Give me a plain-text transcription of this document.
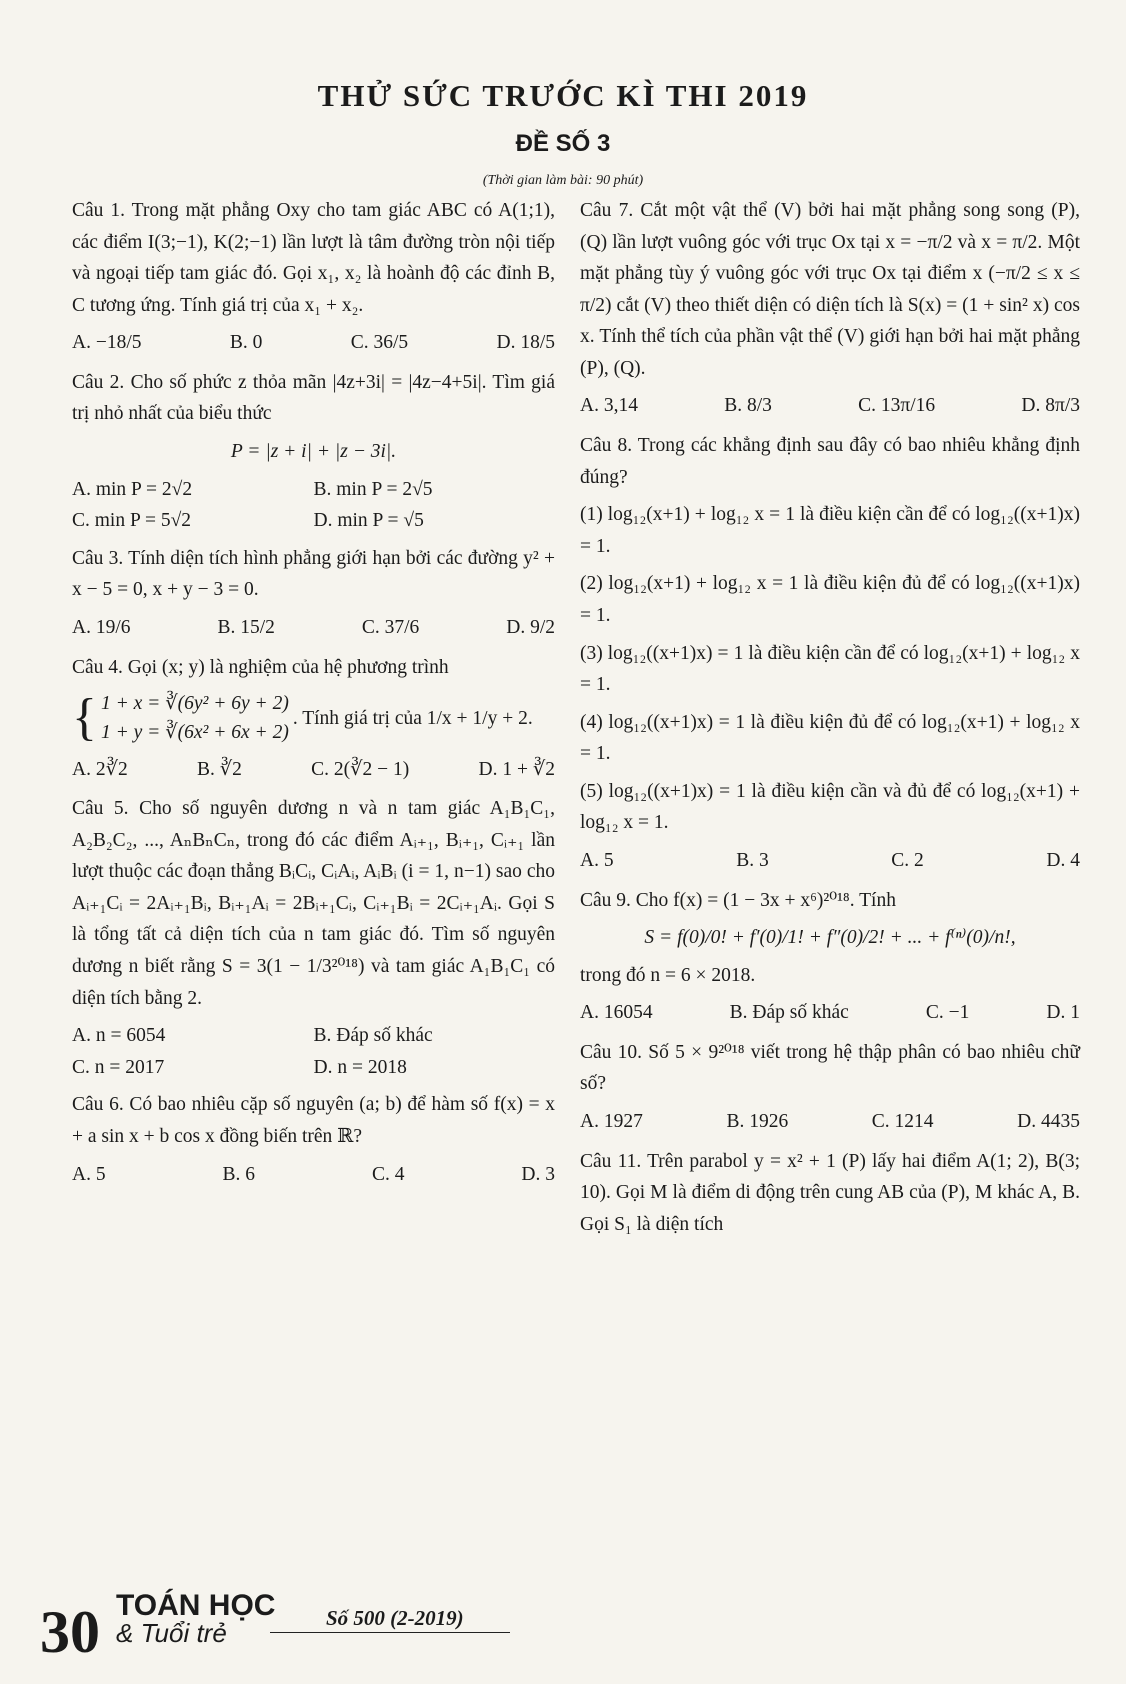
THỬ SỨC TRƯỚC KÌ THI 2019
ĐỀ SỐ 3
(Thời gian làm bài: 90 phút)

Câu 1. Trong mặt phẳng Oxy cho tam giác ABC có A(1;1), các điểm I(3;−1), K(2;−1) lần lượt là tâm đường tròn nội tiếp và ngoại tiếp tam giác đó. Gọi x₁, x₂ là hoành độ các đỉnh B, C tương ứng. Tính giá trị của x₁ + x₂.

A. −18/5	B. 0	C. 36/5	D. 18/5

Câu 2. Cho số phức z thỏa mãn |4z+3i| = |4z−4+5i|. Tìm giá trị nhỏ nhất của biểu thức

P = |z + i| + |z − 3i|.

A. min P = 2√2	B. min P = 2√5
C. min P = 5√2	D. min P = √5

Câu 3. Tính diện tích hình phẳng giới hạn bởi các đường y² + x − 5 = 0, x + y − 3 = 0.

A. 19/6	B. 15/2	C. 37/6	D. 9/2

Câu 4. Gọi (x; y) là nghiệm của hệ phương trình

{ 1 + x = ∛(6y² + 6y + 2)
1 + y = ∛(6x² + 6x + 2)
. Tính giá trị của 1/x + 1/y + 2.
A. 2∛2	B. ∛2	C. 2(∛2 − 1)	D. 1 + ∛2

Câu 5. Cho số nguyên dương n và n tam giác A₁B₁C₁, A₂B₂C₂, ..., AₙBₙCₙ, trong đó các điểm Aᵢ₊₁, Bᵢ₊₁, Cᵢ₊₁ lần lượt thuộc các đoạn thẳng BᵢCᵢ, CᵢAᵢ, AᵢBᵢ (i = 1, n−1) sao cho Aᵢ₊₁Cᵢ = 2Aᵢ₊₁Bᵢ, Bᵢ₊₁Aᵢ = 2Bᵢ₊₁Cᵢ, Cᵢ₊₁Bᵢ = 2Cᵢ₊₁Aᵢ. Gọi S là tổng tất cả diện tích của n tam giác đó. Tìm số nguyên dương n biết rằng S = 3(1 − 1/3²⁰¹⁸) và tam giác A₁B₁C₁ có diện tích bằng 2.

A. n = 6054	B. Đáp số khác
C. n = 2017	D. n = 2018

Câu 6. Có bao nhiêu cặp số nguyên (a; b) để hàm số f(x) = x + a sin x + b cos x đồng biến trên ℝ?

A. 5	B. 6	C. 4	D. 3

Câu 7. Cắt một vật thể (V) bởi hai mặt phẳng song song (P), (Q) lần lượt vuông góc với trục Ox tại x = −π/2 và x = π/2. Một mặt phẳng tùy ý vuông góc với trục Ox tại điểm x (−π/2 ≤ x ≤ π/2) cắt (V) theo thiết diện có diện tích là S(x) = (1 + sin² x) cos x. Tính thể tích của phần vật thể (V) giới hạn bởi hai mặt phẳng (P), (Q).

A. 3,14	B. 8/3	C. 13π/16	D. 8π/3

Câu 8. Trong các khẳng định sau đây có bao nhiêu khẳng định đúng?

(1) log₁₂(x+1) + log₁₂ x = 1 là điều kiện cần để có log₁₂((x+1)x) = 1.

(2) log₁₂(x+1) + log₁₂ x = 1 là điều kiện đủ để có log₁₂((x+1)x) = 1.

(3) log₁₂((x+1)x) = 1 là điều kiện cần để có log₁₂(x+1) + log₁₂ x = 1.

(4) log₁₂((x+1)x) = 1 là điều kiện đủ để có log₁₂(x+1) + log₁₂ x = 1.

(5) log₁₂((x+1)x) = 1 là điều kiện cần và đủ để có log₁₂(x+1) + log₁₂ x = 1.

A. 5	B. 3	C. 2	D. 4

Câu 9. Cho f(x) = (1 − 3x + x⁶)²⁰¹⁸. Tính

S = f(0)/0! + f′(0)/1! + f″(0)/2! + ... + f⁽ⁿ⁾(0)/n!,

trong đó n = 6 × 2018.

A. 16054	B. Đáp số khác	C. −1	D. 1

Câu 10. Số 5 × 9²⁰¹⁸ viết trong hệ thập phân có bao nhiêu chữ số?

A. 1927	B. 1926	C. 1214	D. 4435

Câu 11. Trên parabol y = x² + 1 (P) lấy hai điểm A(1; 2), B(3; 10). Gọi M là điểm di động trên cung AB của (P), M khác A, B. Gọi S₁ là diện tích

30 TOÁN HỌC
& Tuổi trẻ	Số 500 (2-2019)
